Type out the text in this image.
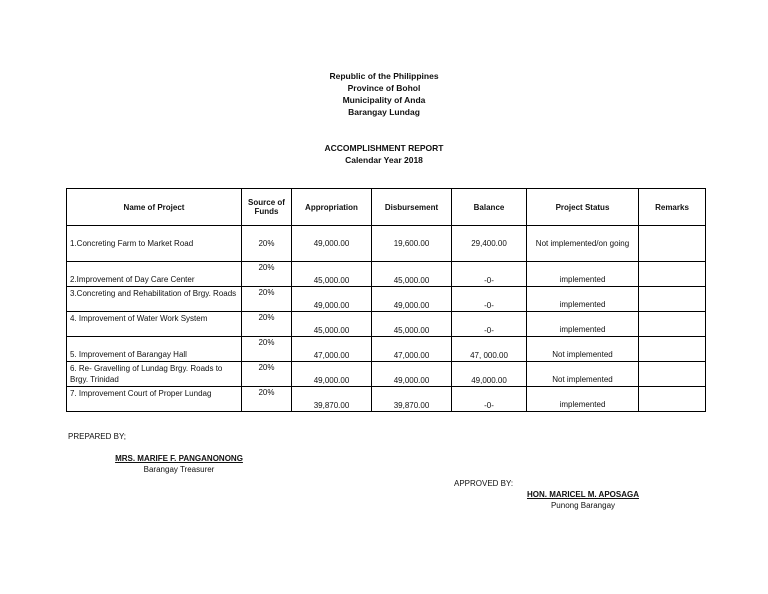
Republic of the Philippines
Province of Bohol
Municipality of Anda
Barangay Lundag
ACCOMPLISHMENT REPORT
Calendar Year 2018
Name of Project	Source of Funds	Appropriation	Disbursement	Balance	Project Status	Remarks
1.Concreting Farm to Market Road	20%	49,000.00	19,600.00	29,400.00	Not implemented/on going	
2.Improvement of Day Care Center	20%	45,000.00	45,000.00	-0-	implemented	
3.Concreting and Rehabilitation of Brgy. Roads	20%	49,000.00	49,000.00	-0-	implemented	
4. Improvement of Water Work System	20%	45,000.00	45,000.00	-0-	implemented	
5. Improvement of Barangay Hall	20%	47,000.00	47,000.00	47, 000.00	Not implemented	
6. Re- Gravelling of Lundag Brgy. Roads to Brgy. Trinidad	20%	49,000.00	49,000.00	49,000.00	Not implemented	
7. Improvement Court of Proper Lundag	20%	39,870.00	39,870.00	-0-	implemented	
PREPARED BY;
MRS. MARIFE F. PANGANONONG
Barangay Treasurer
APPROVED BY:
HON. MARICEL M. APOSAGA
Punong Barangay
